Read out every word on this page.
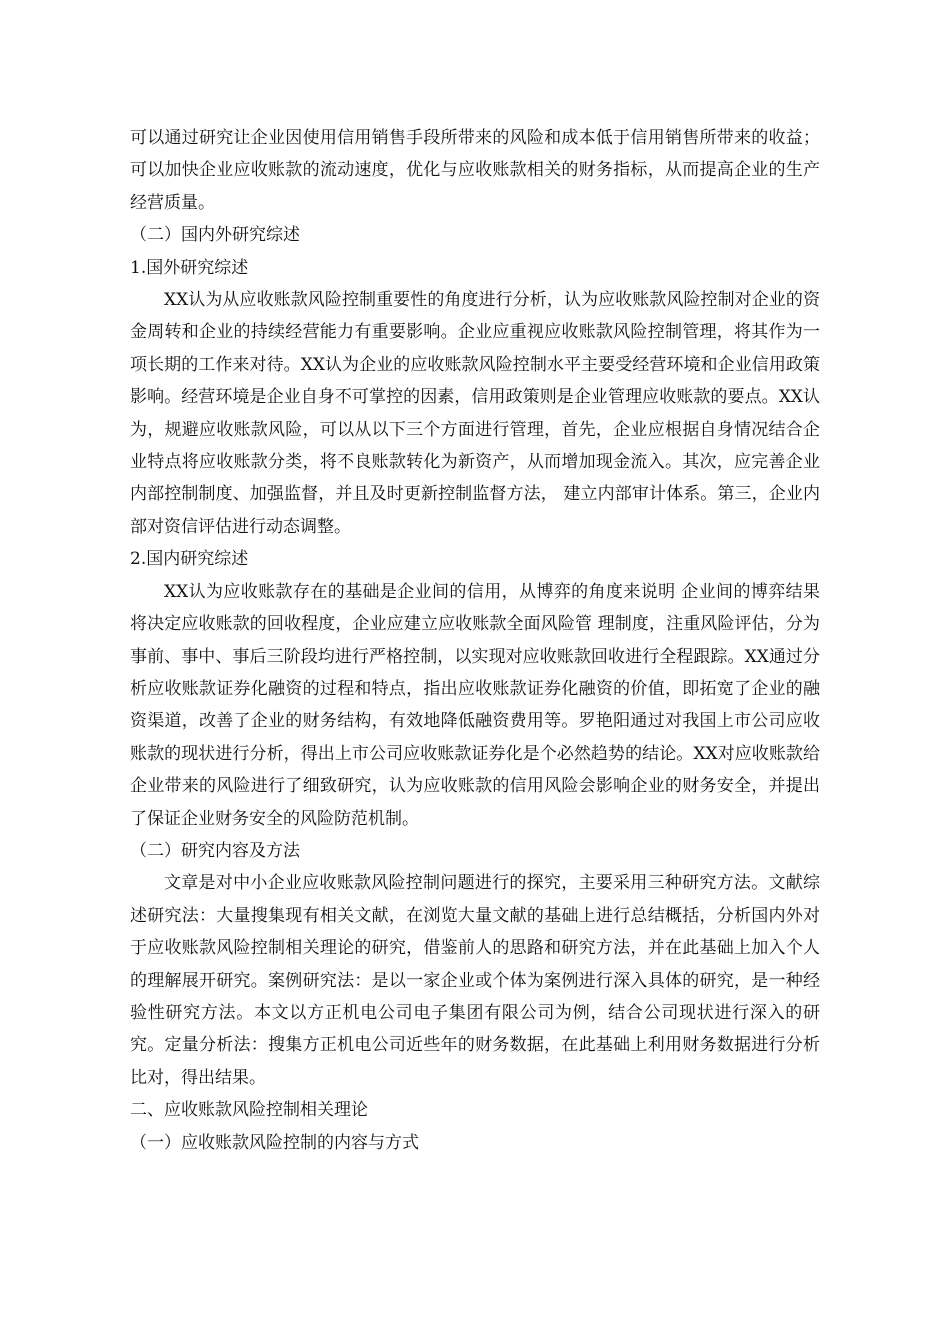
可以通过研究让企业因使用信用销售手段所带来的风险和成本低于信用销售所带来的收益；可以加快企业应收账款的流动速度，优化与应收账款相关的财务指标，从而提高企业的生产经营质量。

（二）国内外研究综述

1.国外研究综述

XX认为从应收账款风险控制重要性的角度进行分析，认为应收账款风险控制对企业的资金周转和企业的持续经营能力有重要影响。企业应重视应收账款风险控制管理，将其作为一项长期的工作来对待。XX认为企业的应收账款风险控制水平主要受经营环境和企业信用政策影响。经营环境是企业自身不可掌控的因素，信用政策则是企业管理应收账款的要点。XX认为，规避应收账款风险，可以从以下三个方面进行管理，首先，企业应根据自身情况结合企业特点将应收账款分类，将不良账款转化为新资产，从而增加现金流入。其次，应完善企业内部控制制度、加强监督，并且及时更新控制监督方法， 建立内部审计体系。第三，企业内部对资信评估进行动态调整。

2.国内研究综述

XX认为应收账款存在的基础是企业间的信用，从博弈的角度来说明 企业间的博弈结果将决定应收账款的回收程度，企业应建立应收账款全面风险管 理制度，注重风险评估，分为事前、事中、事后三阶段均进行严格控制，以实现对应收账款回收进行全程跟踪。XX通过分析应收账款证券化融资的过程和特点，指出应收账款证券化融资的价值，即拓宽了企业的融资渠道，改善了企业的财务结构，有效地降低融资费用等。罗艳阳通过对我国上市公司应收账款的现状进行分析，得出上市公司应收账款证券化是个必然趋势的结论。XX对应收账款给企业带来的风险进行了细致研究，认为应收账款的信用风险会影响企业的财务安全，并提出了保证企业财务安全的风险防范机制。

（二）研究内容及方法

文章是对中小企业应收账款风险控制问题进行的探究，主要采用三种研究方法。文献综述研究法：大量搜集现有相关文献，在浏览大量文献的基础上进行总结概括，分析国内外对于应收账款风险控制相关理论的研究，借鉴前人的思路和研究方法，并在此基础上加入个人的理解展开研究。案例研究法：是以一家企业或个体为案例进行深入具体的研究，是一种经验性研究方法。本文以方正机电公司电子集团有限公司为例，结合公司现状进行深入的研究。定量分析法：搜集方正机电公司近些年的财务数据，在此基础上利用财务数据进行分析比对，得出结果。

二、应收账款风险控制相关理论

（一）应收账款风险控制的内容与方式
